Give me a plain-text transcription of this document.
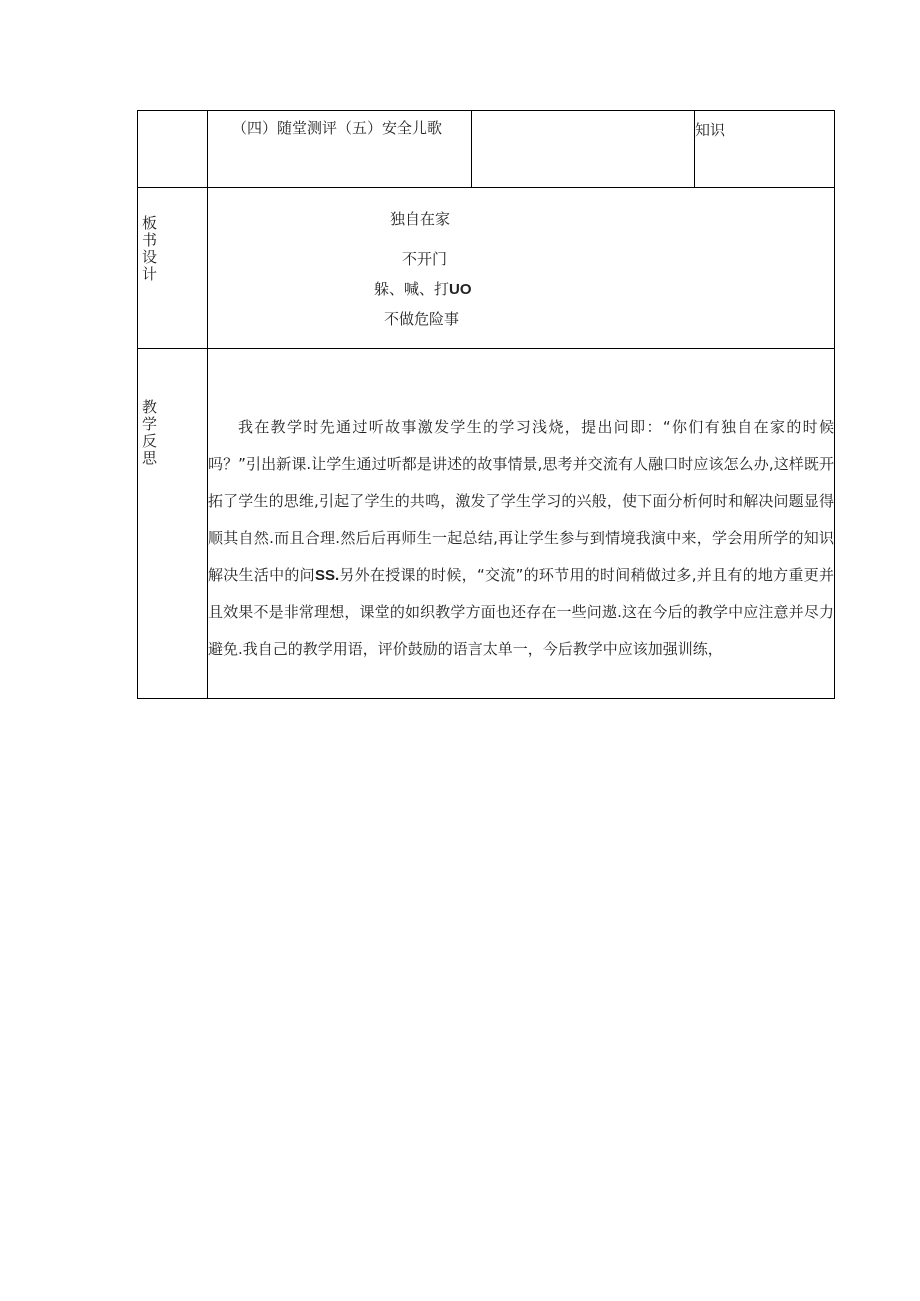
（四）随堂测评（五）安全儿歌	知识
板书设计
独自在家
不开门
躲、喊、打UO
不做危险事
教学反思

我在教学时先通过听故事激发学生的学习浅烧，提出问即：“你们有独自在家的时候吗？”引出新课.让学生通过听都是讲述的故事情景,思考并交流有人融口时应该怎么办,这样既开拓了学生的思维,引起了学生的共鸣，激发了学生学习的兴般，使下面分析何时和解决问题显得顺其自然.而且合理.然后后再师生一起总结,再让学生参与到情境我演中来，学会用所学的知识解决生活中的问SS.另外在授课的时候，“交流”的环节用的时间稍做过多,并且有的地方重更并且效果不是非常理想，课堂的如织教学方面也还存在一些问遨.这在今后的教学中应注意并尽力避免.我自己的教学用语，评价鼓励的语言太单一，今后教学中应该加强训练，
